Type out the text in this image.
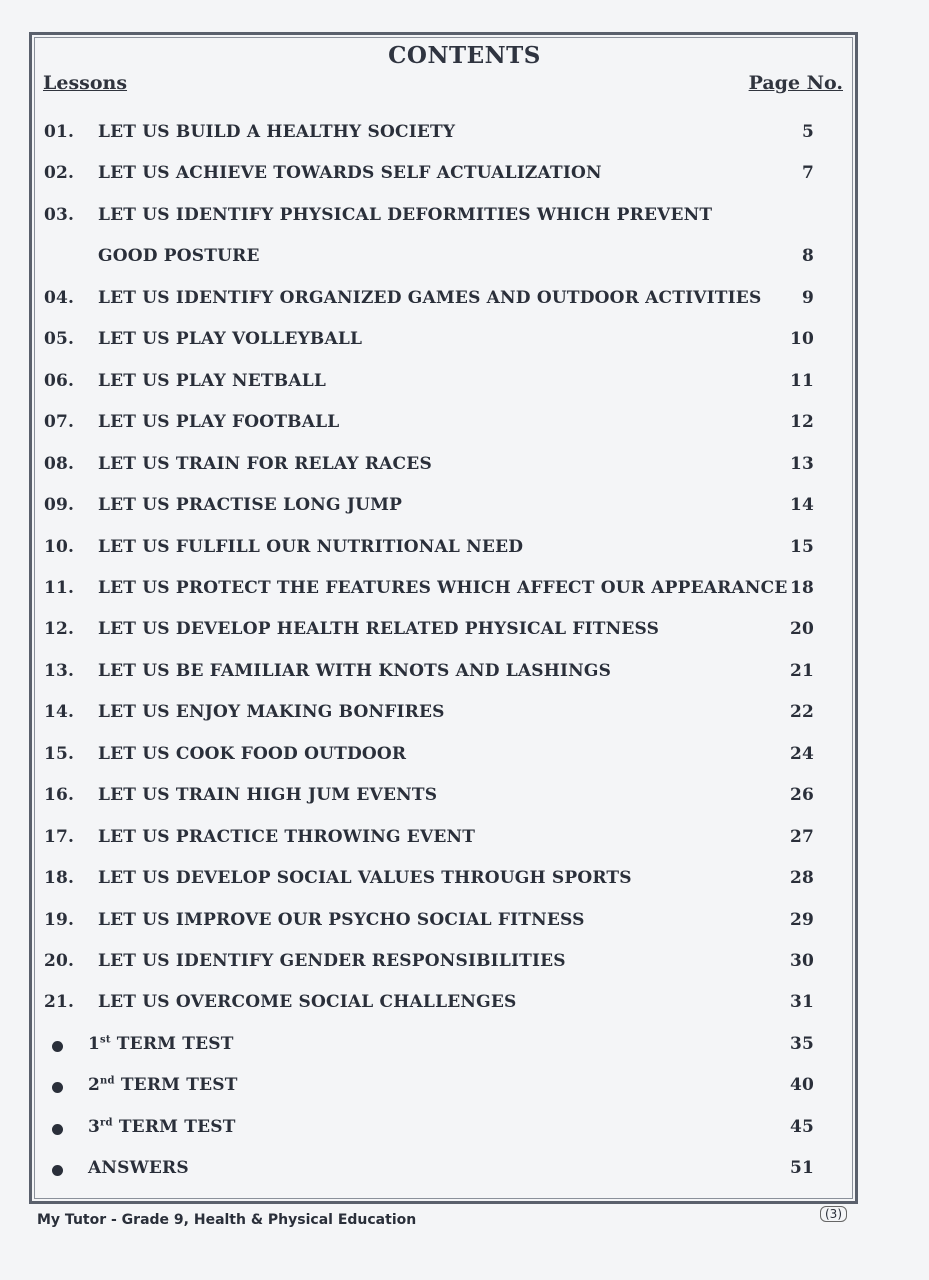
CONTENTS
Lessons	Page No.
01.	LET US BUILD A HEALTHY SOCIETY	5
02.	LET US ACHIEVE TOWARDS SELF ACTUALIZATION	7
03.	LET US IDENTIFY PHYSICAL DEFORMITIES WHICH PREVENT
GOOD POSTURE	8
04.	LET US IDENTIFY ORGANIZED GAMES AND OUTDOOR ACTIVITIES	9
05.	LET US PLAY VOLLEYBALL	10
06.	LET US PLAY NETBALL	11
07.	LET US PLAY FOOTBALL	12
08.	LET US TRAIN FOR RELAY RACES	13
09.	LET US PRACTISE LONG JUMP	14
10.	LET US FULFILL OUR NUTRITIONAL NEED	15
11.	LET US PROTECT THE FEATURES WHICH AFFECT OUR APPEARANCE 18
12.	LET US DEVELOP HEALTH RELATED PHYSICAL FITNESS	20
13.	LET US BE FAMILIAR WITH KNOTS AND LASHINGS	21
14.	LET US ENJOY MAKING BONFIRES	22
15.	LET US COOK FOOD OUTDOOR	24
16.	LET US TRAIN HIGH JUM EVENTS	26
17.	LET US PRACTICE THROWING EVENT	27
18.	LET US DEVELOP SOCIAL VALUES THROUGH SPORTS	28
19.	LET US IMPROVE OUR PSYCHO SOCIAL FITNESS	29
20.	LET US IDENTIFY GENDER RESPONSIBILITIES	30
21.	LET US OVERCOME SOCIAL CHALLENGES	31
1st TERM TEST	35
2nd TERM TEST	40
3rd TERM TEST	45
ANSWERS	51
My Tutor - Grade 9, Health & Physical Education	(3)
